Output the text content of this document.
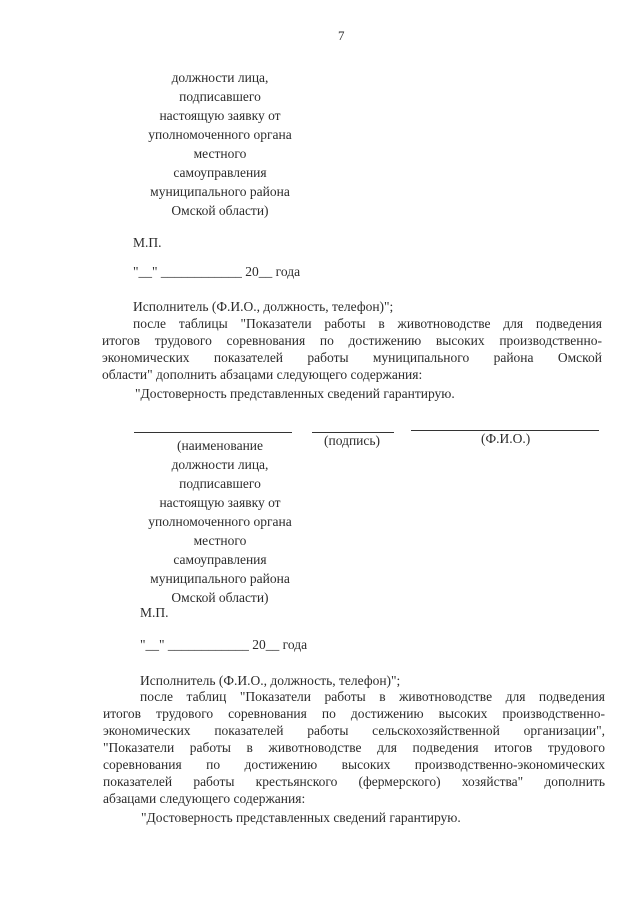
7
должности лица,
подписавшего
настоящую заявку от
уполномоченного органа
местного
самоуправления
муниципального района
Омской области)
М.П.
"__" ____________ 20__ года
Исполнитель (Ф.И.О., должность, телефон)";
после таблицы "Показатели работы в животноводстве для подведения
итогов трудового соревнования по достижению высоких производственно-
экономических показателей работы муниципального района Омской
области" дополнить абзацами следующего содержания:
"Достоверность представленных сведений гарантирую.
(подпись)	(Ф.И.О.)
(наименование
должности лица,
подписавшего
настоящую заявку от
уполномоченного органа
местного
самоуправления
муниципального района
Омской области)
М.П.
"__" ____________ 20__ года
Исполнитель (Ф.И.О., должность, телефон)";
после таблиц "Показатели работы в животноводстве для подведения
итогов трудового соревнования по достижению высоких производственно-
экономических показателей работы сельскохозяйственной организации",
"Показатели работы в животноводстве для подведения итогов трудового
соревнования по достижению высоких производственно-экономических
показателей работы крестьянского (фермерского) хозяйства" дополнить
абзацами следующего содержания:
"Достоверность представленных сведений гарантирую.
